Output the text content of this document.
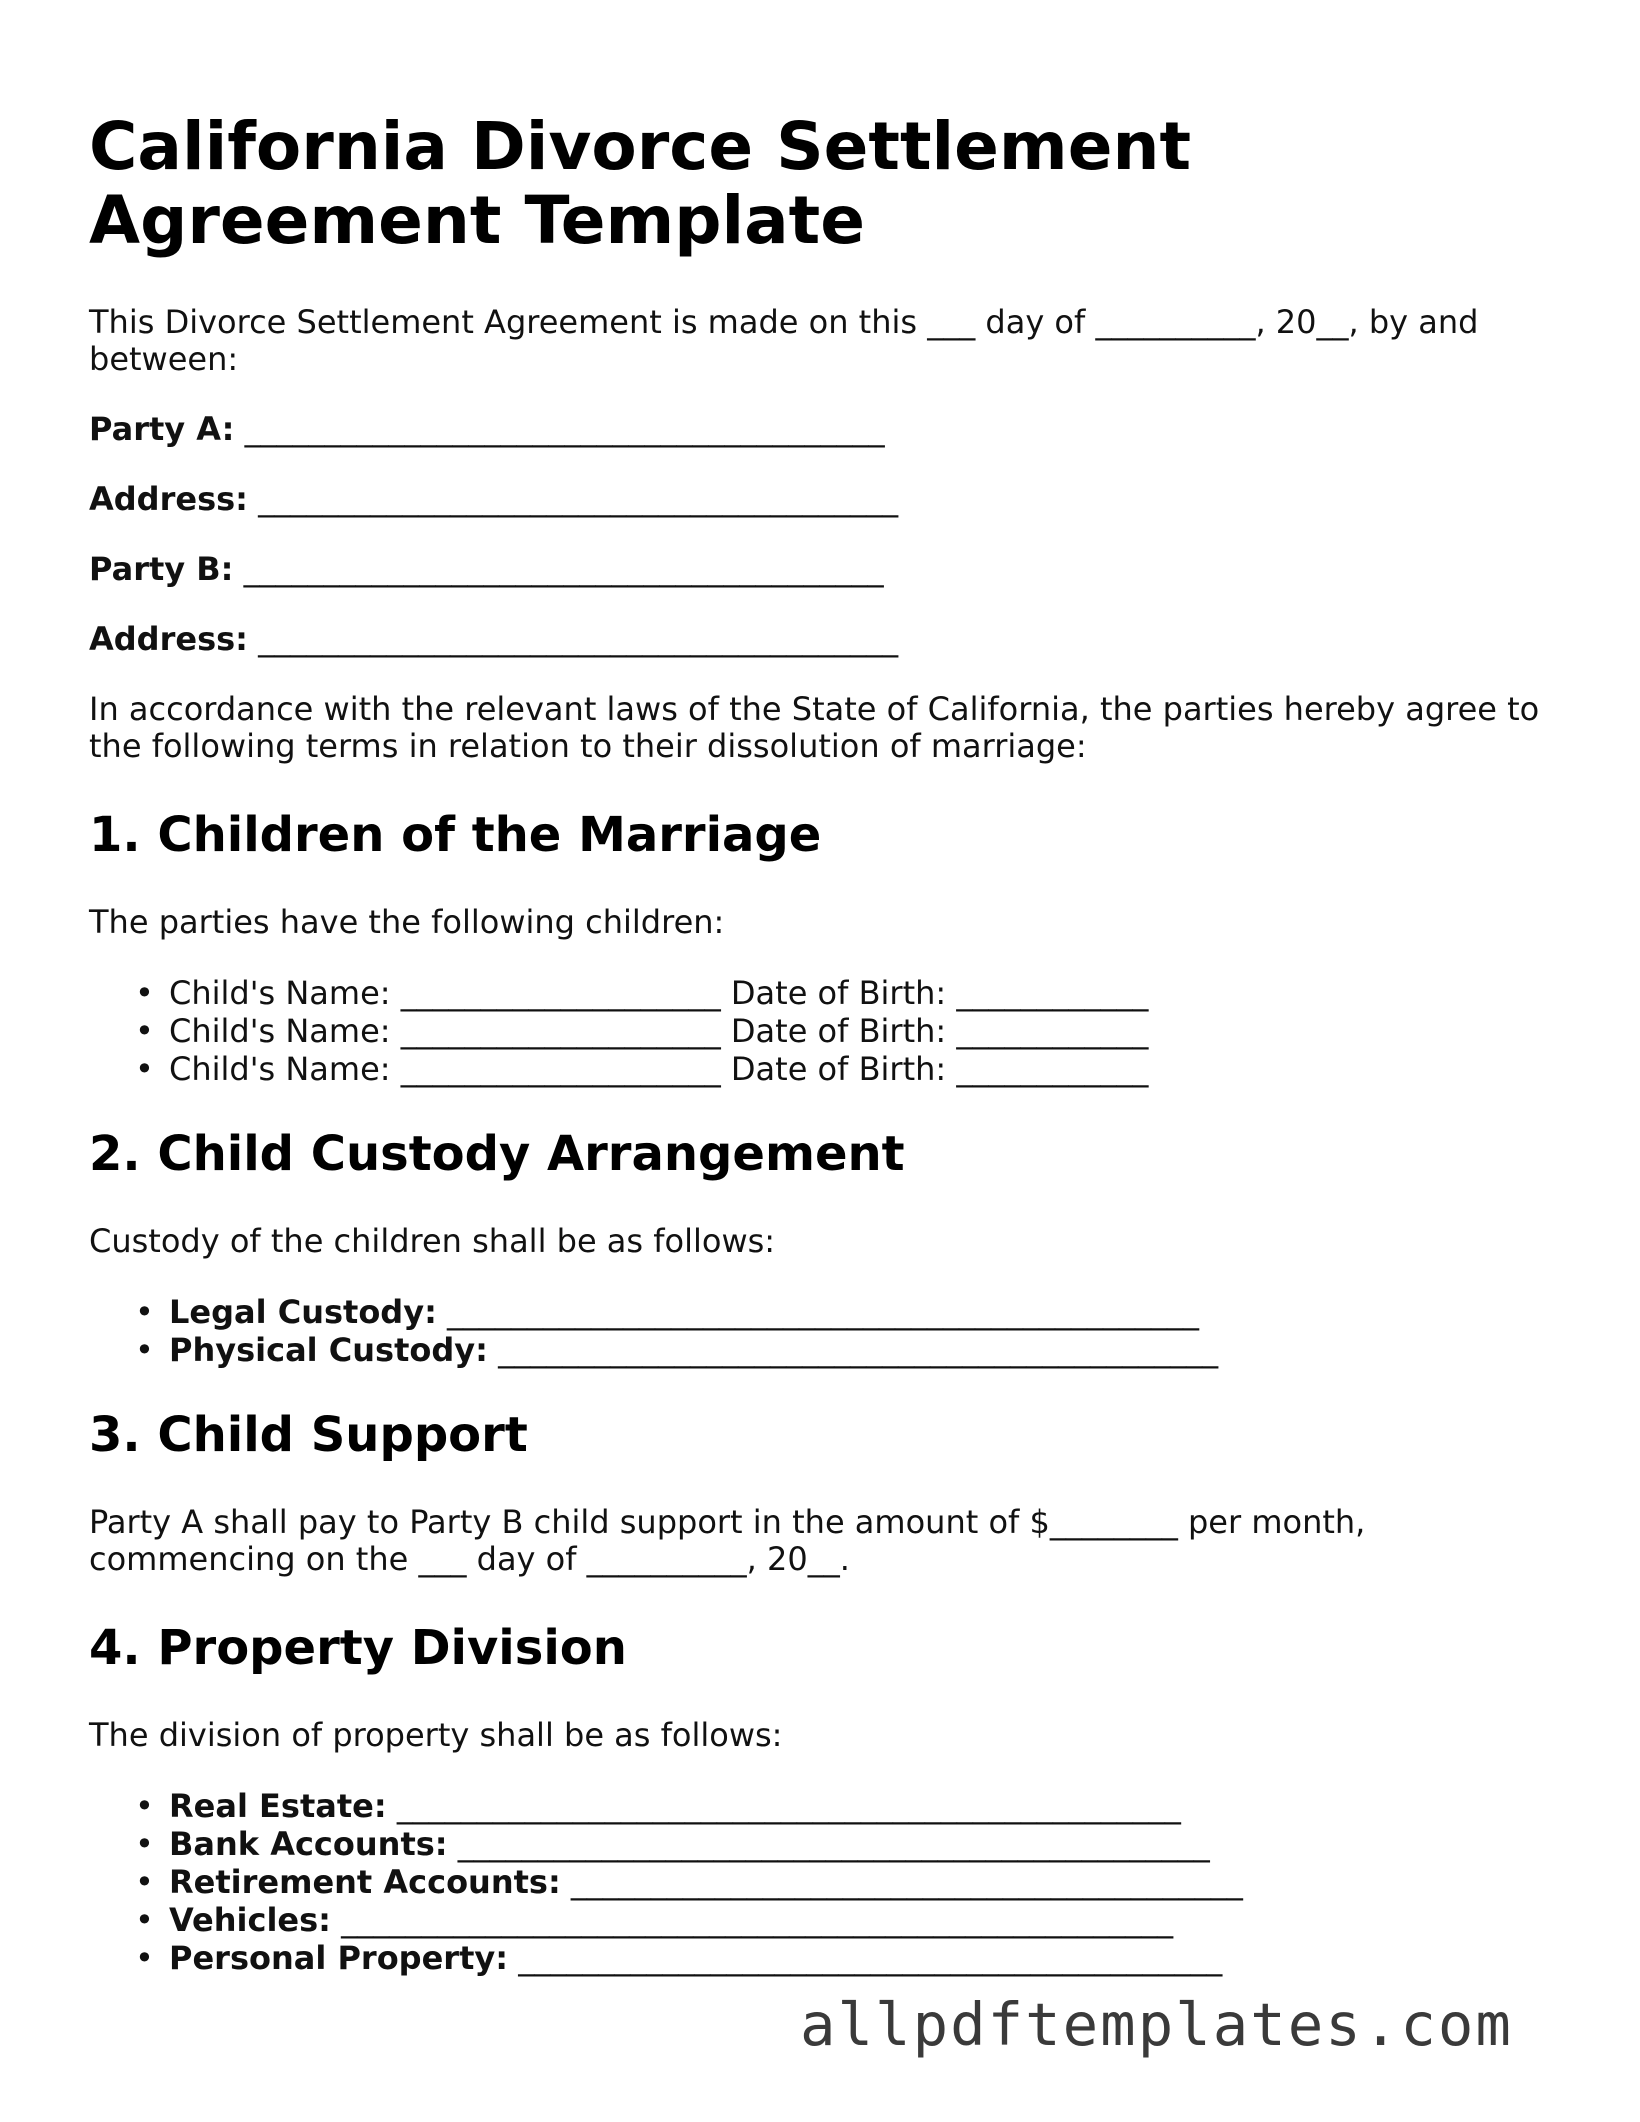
California Divorce Settlement Agreement Template

This Divorce Settlement Agreement is made on this ___ day of __________, 20__, by and between:

Party A: ________________________________________
Address: ________________________________________
Party B: ________________________________________
Address: ________________________________________

In accordance with the relevant laws of the State of California, the parties hereby agree to the following terms in relation to their dissolution of marriage:

1. Children of the Marriage

The parties have the following children:

• Child's Name: ____________________ Date of Birth: ____________
• Child's Name: ____________________ Date of Birth: ____________
• Child's Name: ____________________ Date of Birth: ____________
2. Child Custody Arrangement

Custody of the children shall be as follows:

• Legal Custody: _______________________________________________
• Physical Custody: _____________________________________________
3. Child Support

Party A shall pay to Party B child support in the amount of $________ per month, commencing on the ___ day of __________, 20__.

4. Property Division

The division of property shall be as follows:

• Real Estate: _________________________________________________
• Bank Accounts: _______________________________________________
• Retirement Accounts: __________________________________________
• Vehicles: ____________________________________________________
• Personal Property: ____________________________________________
allpdftemplates.com
